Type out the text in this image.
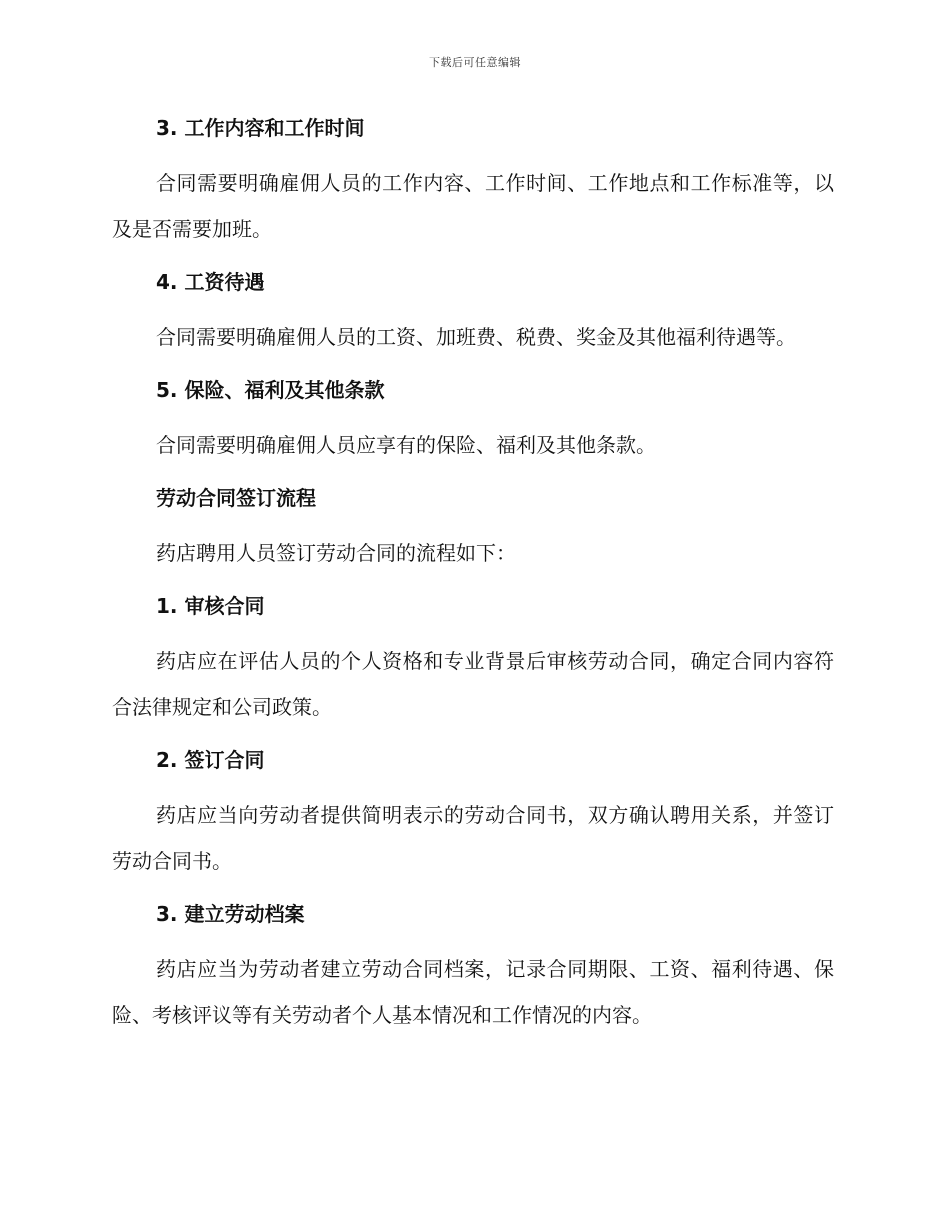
下载后可任意编辑

3. 工作内容和工作时间

合同需要明确雇佣人员的工作内容、工作时间、工作地点和工作标准等，以及是否需要加班。

4. 工资待遇

合同需要明确雇佣人员的工资、加班费、税费、奖金及其他福利待遇等。

5. 保险、福利及其他条款

合同需要明确雇佣人员应享有的保险、福利及其他条款。

劳动合同签订流程

药店聘用人员签订劳动合同的流程如下：

1. 审核合同

药店应在评估人员的个人资格和专业背景后审核劳动合同，确定合同内容符合法律规定和公司政策。

2. 签订合同

药店应当向劳动者提供简明表示的劳动合同书，双方确认聘用关系，并签订劳动合同书。

3. 建立劳动档案

药店应当为劳动者建立劳动合同档案，记录合同期限、工资、福利待遇、保险、考核评议等有关劳动者个人基本情况和工作情况的内容。
